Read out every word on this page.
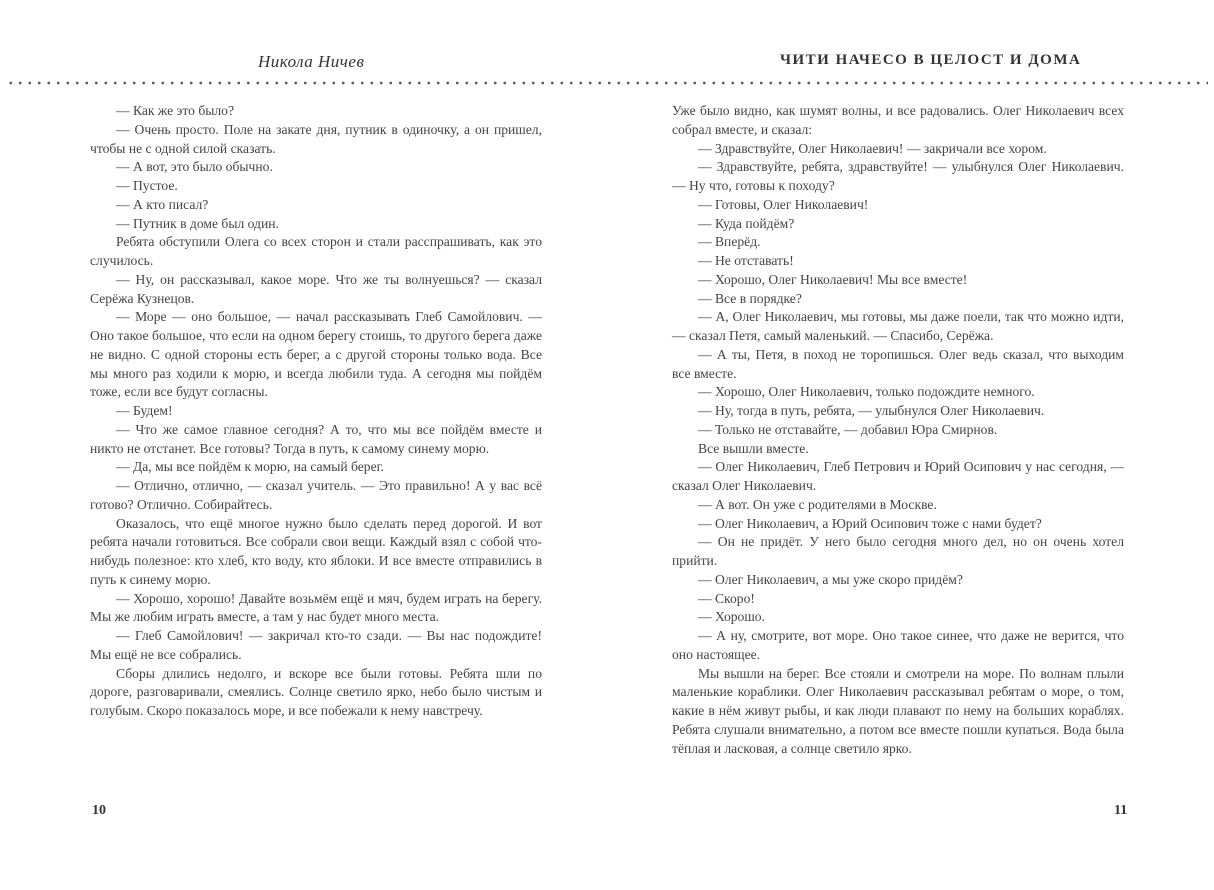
Никола Ничев	ЧИТИ НАЧЕСО В ЦЕЛОСТ И ДОМА

— Как же это было?

— Очень просто. Поле на закате дня, путник в одиночку, а он пришел, чтобы не с одной силой сказать.

— А вот, это было обычно.

— Пустое.

— А кто писал?

— Путник в доме был один.

Ребята обступили Олега со всех сторон и стали расспрашивать, как это случилось.

— Ну, он рассказывал, какое море. Что же ты волнуешься? — сказал Серёжа Кузнецов.

— Море — оно большое, — начал рассказывать Глеб Самойлович. — Оно такое большое, что если на одном берегу стоишь, то другого берега даже не видно. С одной стороны есть берег, а с другой стороны только вода. Все мы много раз ходили к морю, и всегда любили туда. А сегодня мы пойдём тоже, если все будут согласны.

— Будем!

— Что же самое главное сегодня? А то, что мы все пойдём вместе и никто не отстанет. Все готовы? Тогда в путь, к самому синему морю.

— Да, мы все пойдём к морю, на самый берег.

— Отлично, отлично, — сказал учитель. — Это правильно! А у вас всё готово? Отлично. Собирайтесь.

Оказалось, что ещё многое нужно было сделать перед дорогой. И вот ребята начали готовиться. Все собрали свои вещи. Каждый взял с собой что-нибудь полезное: кто хлеб, кто воду, кто яблоки. И все вместе отправились в путь к синему морю.

— Хорошо, хорошо! Давайте возьмём ещё и мяч, будем играть на берегу. Мы же любим играть вместе, а там у нас будет много места.

— Глеб Самойлович! — закричал кто-то сзади. — Вы нас подождите! Мы ещё не все собрались.

Сборы длились недолго, и вскоре все были готовы. Ребята шли по дороге, разговаривали, смеялись. Солнце светило ярко, небо было чистым и голубым. Скоро показалось море, и все побежали к нему навстречу.

Уже было видно, как шумят волны, и все радовались. Олег Николаевич всех собрал вместе, и сказал:

— Здравствуйте, Олег Николаевич! — закричали все хором.

— Здравствуйте, ребята, здравствуйте! — улыбнулся Олег Николаевич. — Ну что, готовы к походу?

— Готовы, Олег Николаевич!

— Куда пойдём?

— Вперёд.

— Не отставать!

— Хорошо, Олег Николаевич! Мы все вместе!

— Все в порядке?

— А, Олег Николаевич, мы готовы, мы даже поели, так что можно идти, — сказал Петя, самый маленький. — Спасибо, Серёжа.

— А ты, Петя, в поход не торопишься. Олег ведь сказал, что выходим все вместе.

— Хорошо, Олег Николаевич, только подождите немного.

— Ну, тогда в путь, ребята, — улыбнулся Олег Николаевич.

— Только не отставайте, — добавил Юра Смирнов.

Все вышли вместе.

— Олег Николаевич, Глеб Петрович и Юрий Осипович у нас сегодня, — сказал Олег Николаевич.

— А вот. Он уже с родителями в Москве.

— Олег Николаевич, а Юрий Осипович тоже с нами будет?

— Он не придёт. У него было сегодня много дел, но он очень хотел прийти.

— Олег Николаевич, а мы уже скоро придём?

— Скоро!

— Хорошо.

— А ну, смотрите, вот море. Оно такое синее, что даже не верится, что оно настоящее.

Мы вышли на берег. Все стояли и смотрели на море. По волнам плыли маленькие кораблики. Олег Николаевич рассказывал ребятам о море, о том, какие в нём живут рыбы, и как люди плавают по нему на больших кораблях. Ребята слушали внимательно, а потом все вместе пошли купаться. Вода была тёплая и ласковая, а солнце светило ярко.

10	11
